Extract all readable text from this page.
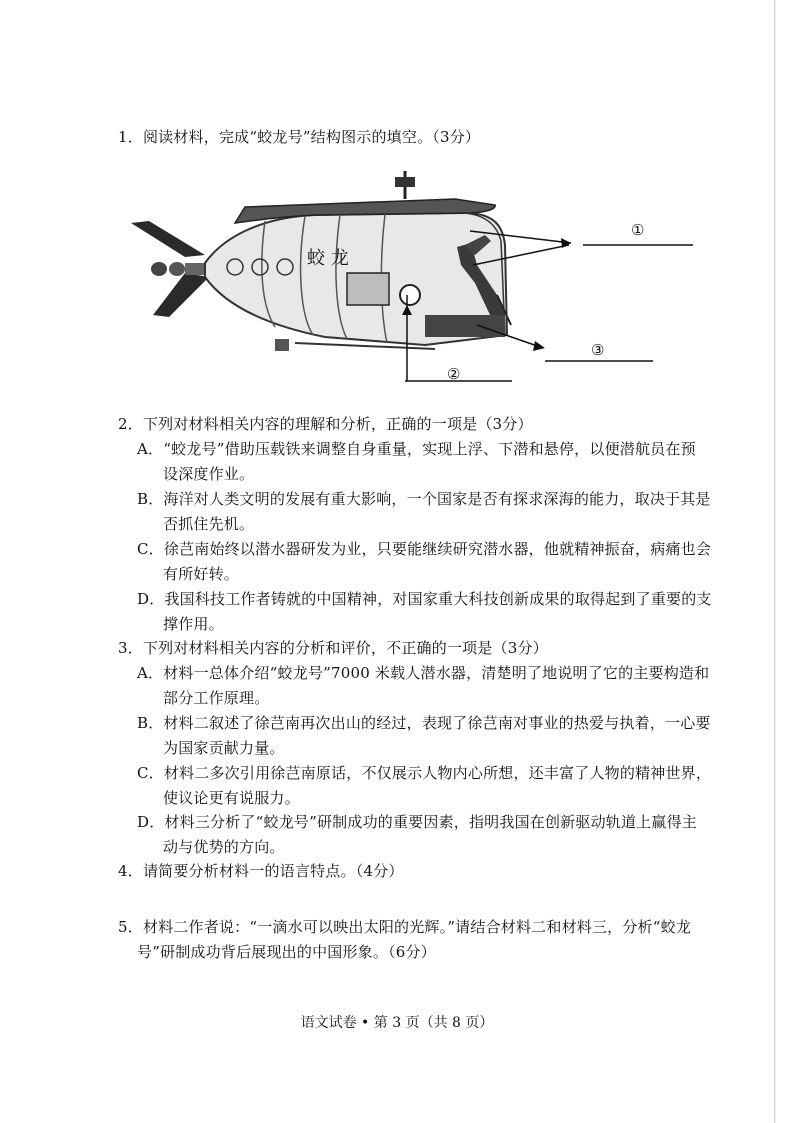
1．阅读材料，完成“蛟龙号”结构图示的填空。（3分）
蛟 龙
①
②
③
2．下列对材料相关内容的理解和分析，正确的一项是（3分）
A．“蛟龙号”借助压载铁来调整自身重量，实现上浮、下潜和悬停，以便潜航员在预
设深度作业。
B．海洋对人类文明的发展有重大影响，一个国家是否有探求深海的能力，取决于其是
否抓住先机。
C．徐芑南始终以潜水器研发为业，只要能继续研究潜水器，他就精神振奋，病痛也会
有所好转。
D．我国科技工作者铸就的中国精神，对国家重大科技创新成果的取得起到了重要的支
撑作用。
3．下列对材料相关内容的分析和评价，不正确的一项是（3分）
A．材料一总体介绍“蛟龙号”7000 米载人潜水器，清楚明了地说明了它的主要构造和
部分工作原理。
B．材料二叙述了徐芑南再次出山的经过，表现了徐芑南对事业的热爱与执着，一心要
为国家贡献力量。
C．材料二多次引用徐芑南原话，不仅展示人物内心所想，还丰富了人物的精神世界，
使议论更有说服力。
D．材料三分析了“蛟龙号”研制成功的重要因素，指明我国在创新驱动轨道上赢得主
动与优势的方向。
4．请简要分析材料一的语言特点。（4分）
5．材料二作者说：“一滴水可以映出太阳的光辉。”请结合材料二和材料三，分析“蛟龙
号”研制成功背后展现出的中国形象。（6分）
语文试卷 • 第 3 页（共 8 页）
